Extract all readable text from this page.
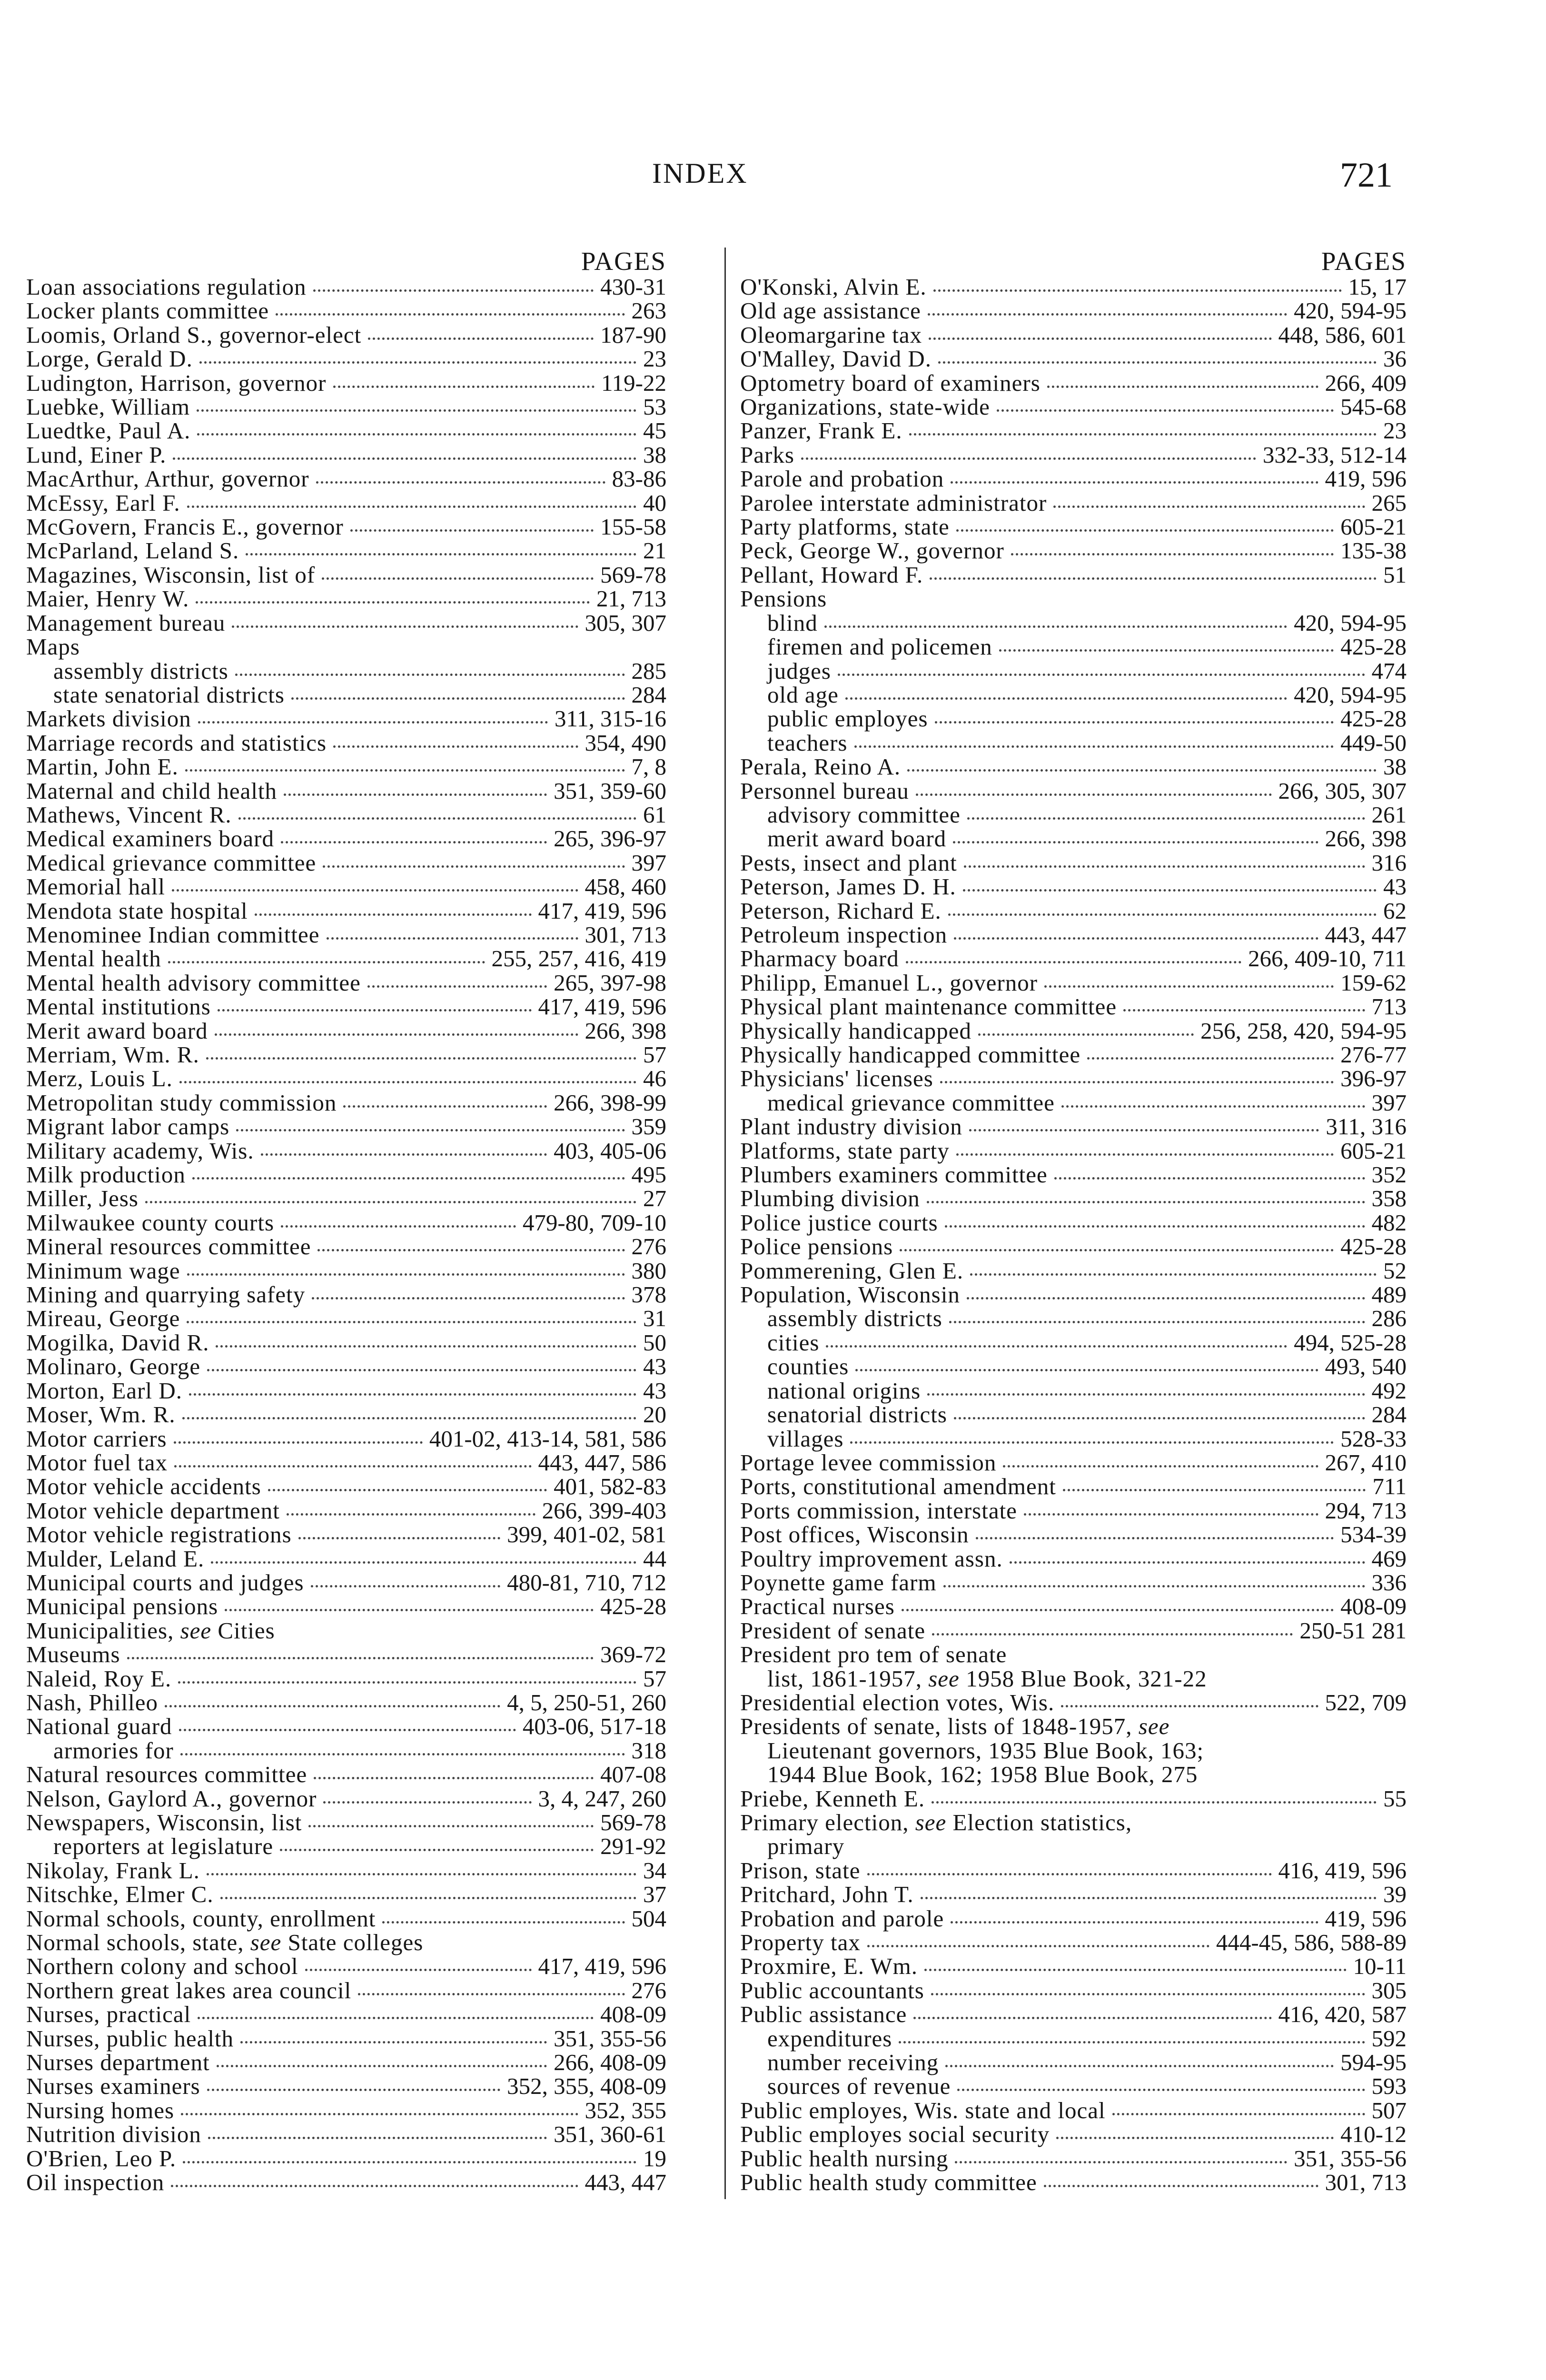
INDEX	721
PAGES
Loan associations regulation	430-31
Locker plants committee	263
Loomis, Orland S., governor-elect	187-90
Lorge, Gerald D.	23
Ludington, Harrison, governor	119-22
Luebke, William	53
Luedtke, Paul A.	45
Lund, Einer P.	38
MacArthur, Arthur, governor	83-86
McEssy, Earl F.	40
McGovern, Francis E., governor	155-58
McParland, Leland S.	21
Magazines, Wisconsin, list of	569-78
Maier, Henry W.	21, 713
Management bureau	305, 307
Maps
assembly districts	285
state senatorial districts	284
Markets division	311, 315-16
Marriage records and statistics	354, 490
Martin, John E.	7, 8
Maternal and child health	351, 359-60
Mathews, Vincent R.	61
Medical examiners board	265, 396-97
Medical grievance committee	397
Memorial hall	458, 460
Mendota state hospital	417, 419, 596
Menominee Indian committee	301, 713
Mental health	255, 257, 416, 419
Mental health advisory committee	265, 397-98
Mental institutions	417, 419, 596
Merit award board	266, 398
Merriam, Wm. R.	57
Merz, Louis L.	46
Metropolitan study commission	266, 398-99
Migrant labor camps	359
Military academy, Wis.	403, 405-06
Milk production	495
Miller, Jess	27
Milwaukee county courts	479-80, 709-10
Mineral resources committee	276
Minimum wage	380
Mining and quarrying safety	378
Mireau, George	31
Mogilka, David R.	50
Molinaro, George	43
Morton, Earl D.	43
Moser, Wm. R.	20
Motor carriers	401-02, 413-14, 581, 586
Motor fuel tax	443, 447, 586
Motor vehicle accidents	401, 582-83
Motor vehicle department	266, 399-403
Motor vehicle registrations	399, 401-02, 581
Mulder, Leland E.	44
Municipal courts and judges	480-81, 710, 712
Municipal pensions	425-28
Municipalities, see Cities
Museums	369-72
Naleid, Roy E.	57
Nash, Philleo	4, 5, 250-51, 260
National guard	403-06, 517-18
armories for	318
Natural resources committee	407-08
Nelson, Gaylord A., governor	3, 4, 247, 260
Newspapers, Wisconsin, list	569-78
reporters at legislature	291-92
Nikolay, Frank L.	34
Nitschke, Elmer C.	37
Normal schools, county, enrollment	504
Normal schools, state, see State colleges
Northern colony and school	417, 419, 596
Northern great lakes area council	276
Nurses, practical	408-09
Nurses, public health	351, 355-56
Nurses department	266, 408-09
Nurses examiners	352, 355, 408-09
Nursing homes	352, 355
Nutrition division	351, 360-61
O'Brien, Leo P.	19
Oil inspection	443, 447
PAGES
O'Konski, Alvin E.	15, 17
Old age assistance	420, 594-95
Oleomargarine tax	448, 586, 601
O'Malley, David D.	36
Optometry board of examiners	266, 409
Organizations, state-wide	545-68
Panzer, Frank E.	23
Parks	332-33, 512-14
Parole and probation	419, 596
Parolee interstate administrator	265
Party platforms, state	605-21
Peck, George W., governor	135-38
Pellant, Howard F.	51
Pensions
blind	420, 594-95
firemen and policemen	425-28
judges	474
old age	420, 594-95
public employes	425-28
teachers	449-50
Perala, Reino A.	38
Personnel bureau	266, 305, 307
advisory committee	261
merit award board	266, 398
Pests, insect and plant	316
Peterson, James D. H.	43
Peterson, Richard E.	62
Petroleum inspection	443, 447
Pharmacy board	266, 409-10, 711
Philipp, Emanuel L., governor	159-62
Physical plant maintenance committee	713
Physically handicapped	256, 258, 420, 594-95
Physically handicapped committee	276-77
Physicians' licenses	396-97
medical grievance committee	397
Plant industry division	311, 316
Platforms, state party	605-21
Plumbers examiners committee	352
Plumbing division	358
Police justice courts	482
Police pensions	425-28
Pommerening, Glen E.	52
Population, Wisconsin	489
assembly districts	286
cities	494, 525-28
counties	493, 540
national origins	492
senatorial districts	284
villages	528-33
Portage levee commission	267, 410
Ports, constitutional amendment	711
Ports commission, interstate	294, 713
Post offices, Wisconsin	534-39
Poultry improvement assn.	469
Poynette game farm	336
Practical nurses	408-09
President of senate	250-51 281
President pro tem of senate
list, 1861-1957, see 1958 Blue Book, 321-22
Presidential election votes, Wis.	522, 709
Presidents of senate, lists of 1848-1957, see
Lieutenant governors, 1935 Blue Book, 163;
1944 Blue Book, 162; 1958 Blue Book, 275
Priebe, Kenneth E.	55
Primary election, see Election statistics,
primary
Prison, state	416, 419, 596
Pritchard, John T.	39
Probation and parole	419, 596
Property tax	444-45, 586, 588-89
Proxmire, E. Wm.	10-11
Public accountants	305
Public assistance	416, 420, 587
expenditures	592
number receiving	594-95
sources of revenue	593
Public employes, Wis. state and local	507
Public employes social security	410-12
Public health nursing	351, 355-56
Public health study committee	301, 713
